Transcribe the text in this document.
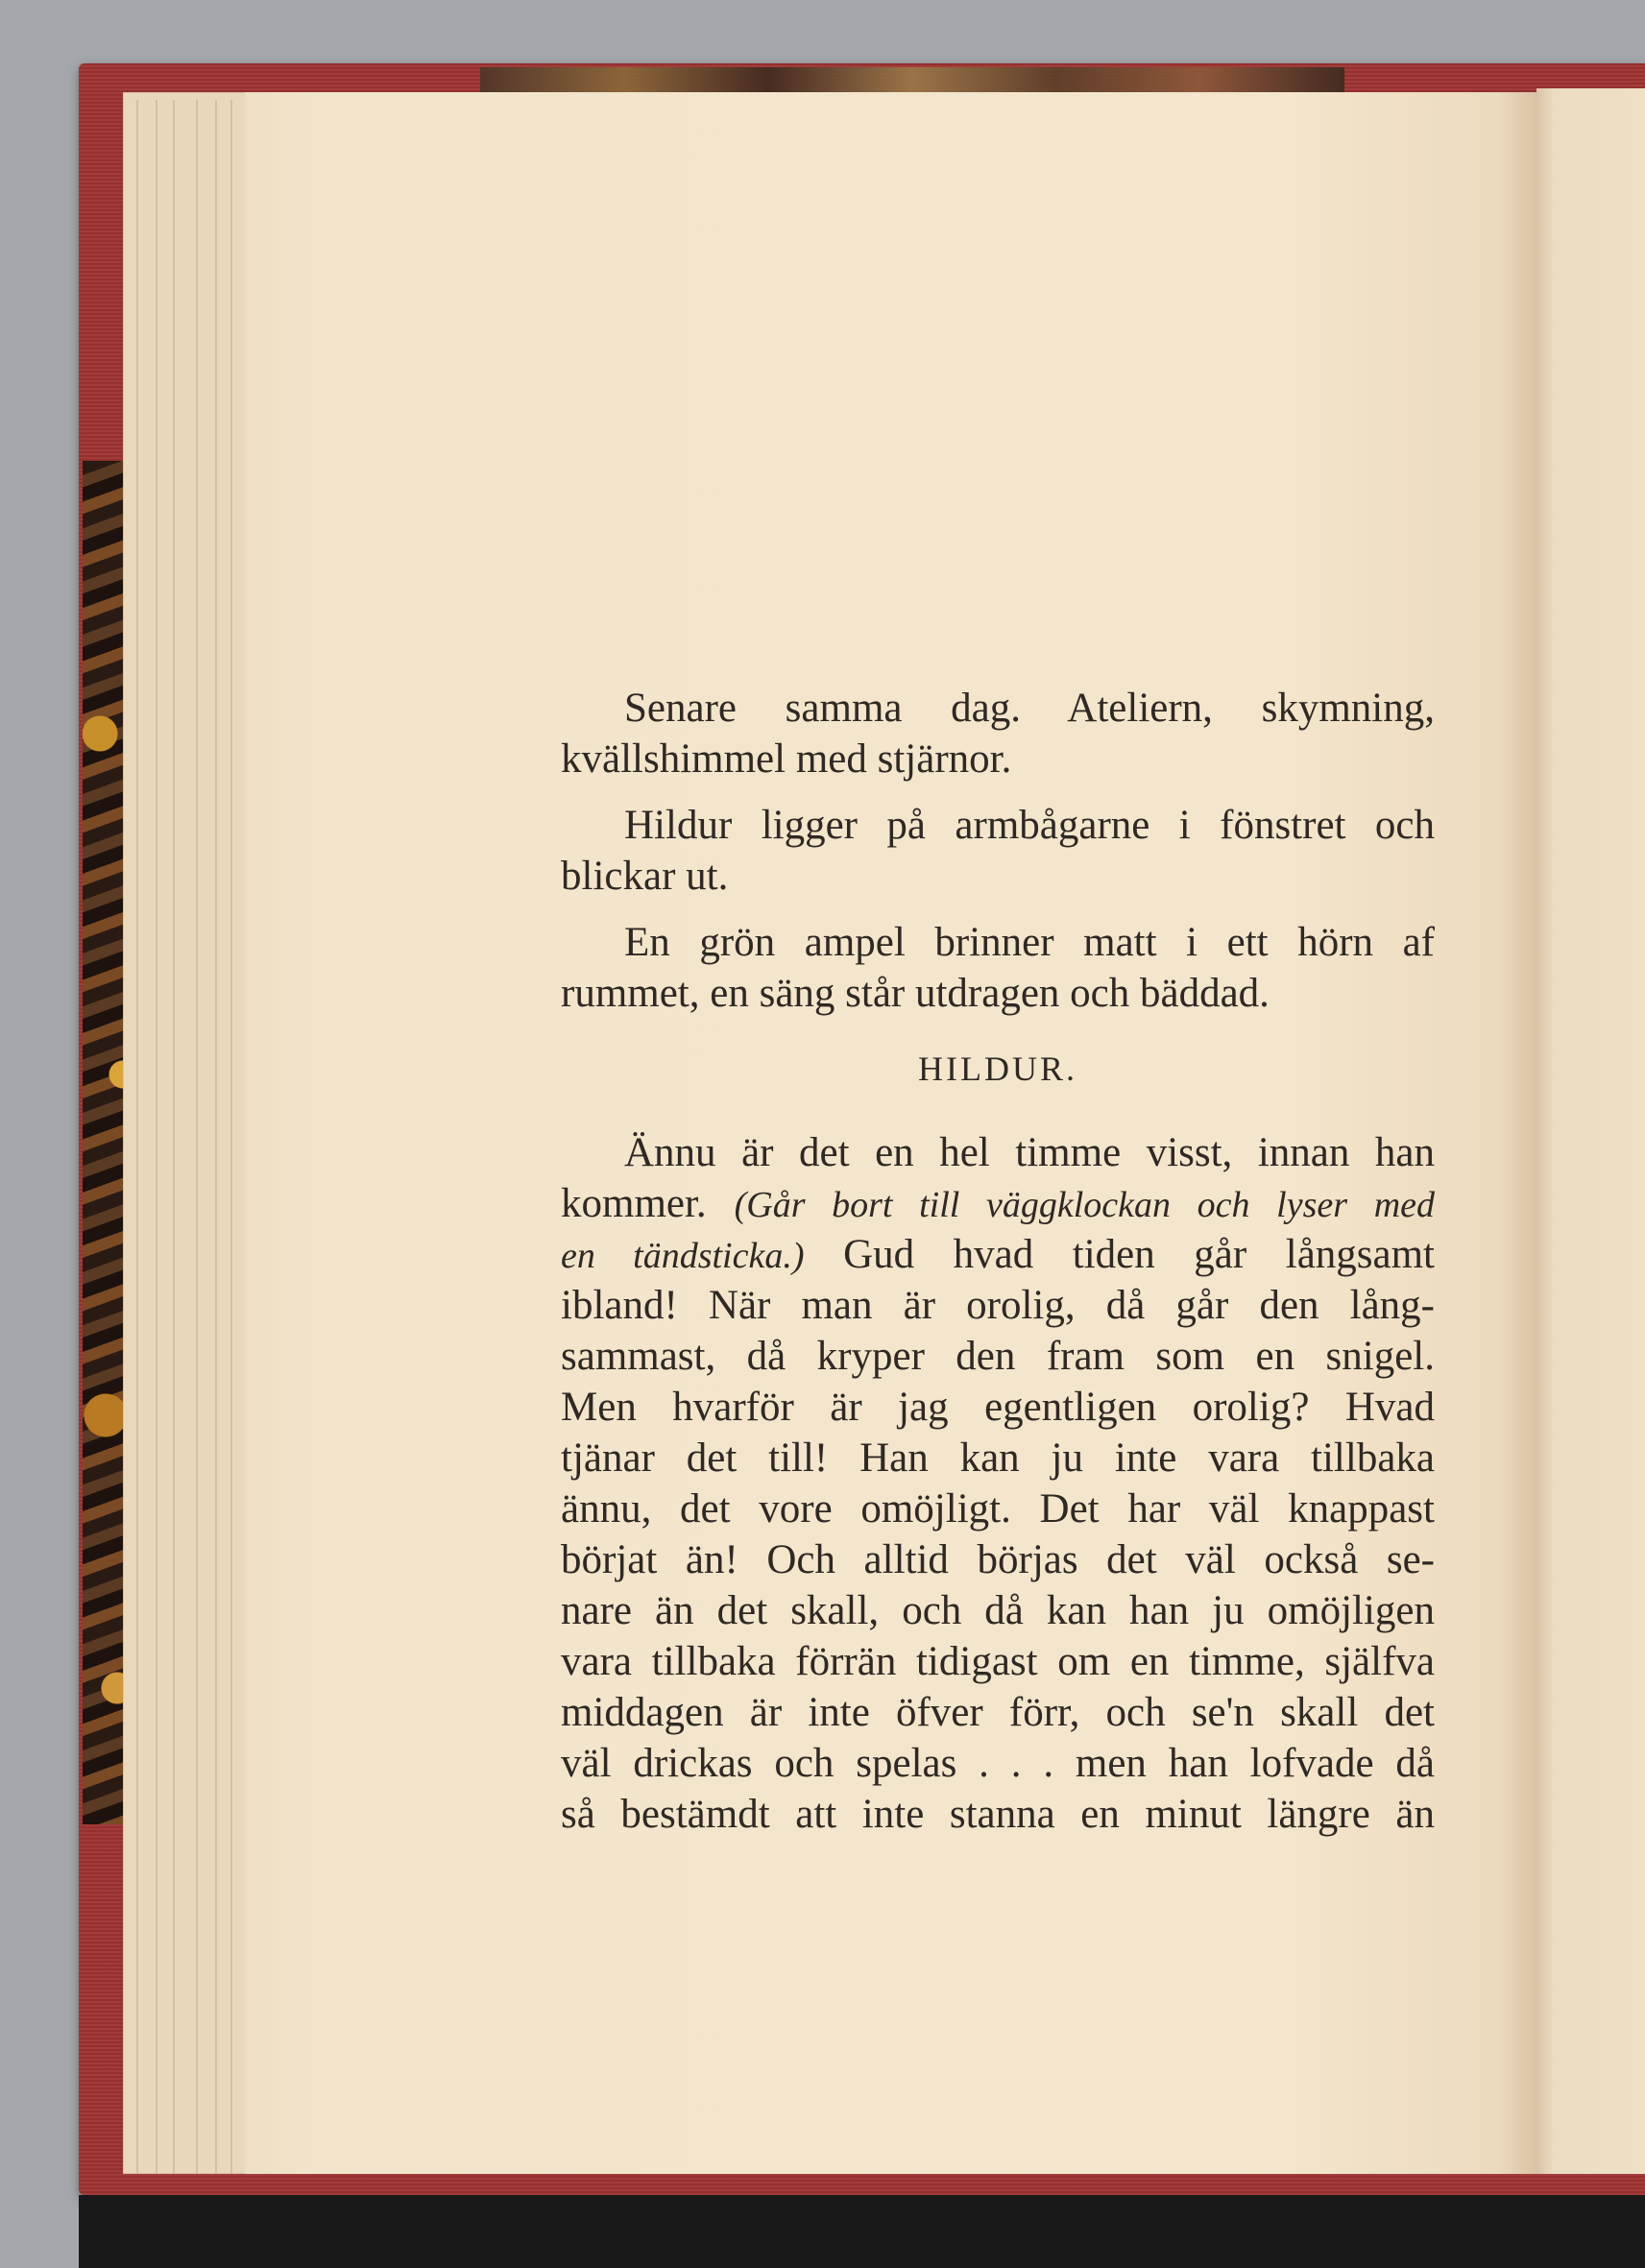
Senare samma dag. Ateliern, skymning,
kvällshimmel med stjärnor.
Hildur ligger på armbågarne i fönstret och
blickar ut.
En grön ampel brinner matt i ett hörn af
rummet, en säng står utdragen och bäddad.
HILDUR.
Ännu är det en hel timme visst, innan han
kommer. (Går bort till väggklockan och lyser med
en tändsticka.) Gud hvad tiden går långsamt
ibland! När man är orolig, då går den lång-
sammast, då kryper den fram som en snigel.
Men hvarför är jag egentligen orolig? Hvad
tjänar det till! Han kan ju inte vara tillbaka
ännu, det vore omöjligt. Det har väl knappast
börjat än! Och alltid börjas det väl också se-
nare än det skall, och då kan han ju omöjligen
vara tillbaka förrän tidigast om en timme, själfva
middagen är inte öfver förr, och se'n skall det
väl drickas och spelas . . . men han lofvade då
så bestämdt att inte stanna en minut längre än
